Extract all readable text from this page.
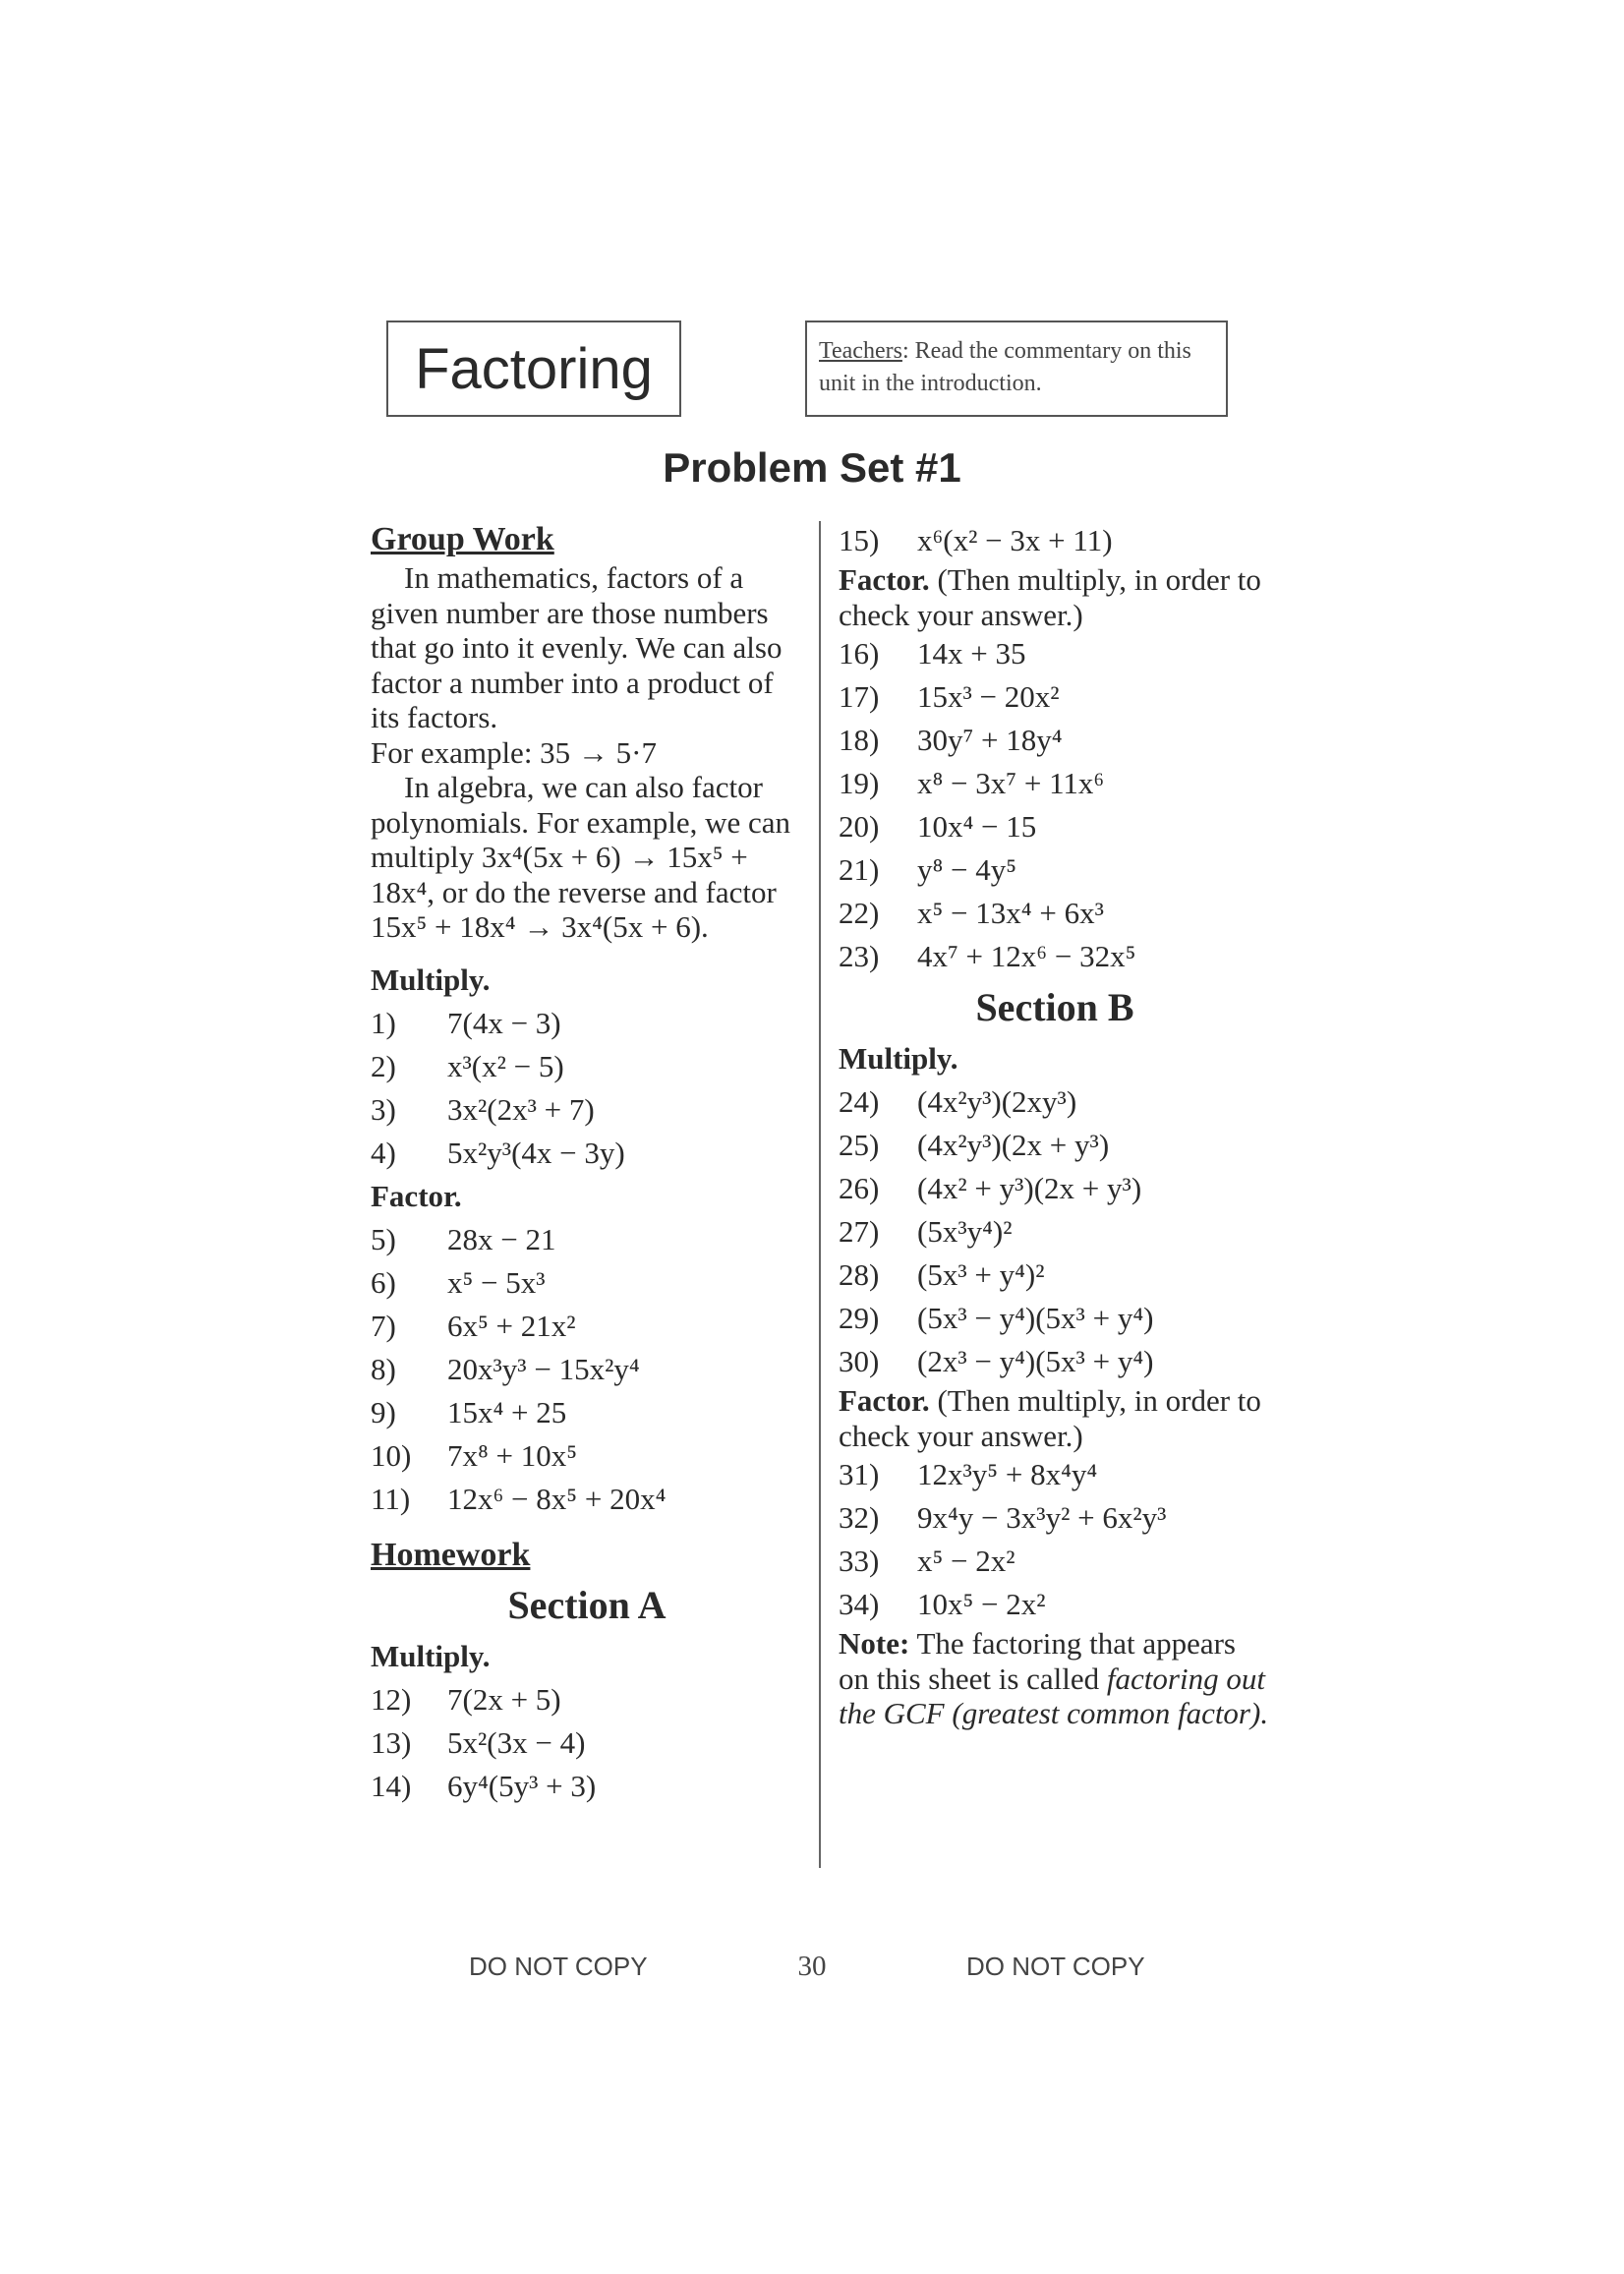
Factoring	Teachers: Read the commentary on this unit in the introduction.
Problem Set #1
Group Work

In mathematics, factors of a given number are those numbers that go into it evenly. We can also factor a number into a product of its factors.

For example: 35 → 5·7

In algebra, we can also factor polynomials. For example, we can multiply 3x⁴(5x + 6) → 15x⁵ + 18x⁴, or do the reverse and factor 15x⁵ + 18x⁴ → 3x⁴(5x + 6).

Multiply.
1)	7(4x − 3)
2)	x³(x² − 5)
3)	3x²(2x³ + 7)
4)	5x²y³(4x − 3y)
Factor.
5)	28x − 21
6)	x⁵ − 5x³
7)	6x⁵ + 21x²
8)	20x³y³ − 15x²y⁴
9)	15x⁴ + 25
10)	7x⁸ + 10x⁵
11)	12x⁶ − 8x⁵ + 20x⁴
Homework
Section A
Multiply.
12)	7(2x + 5)
13)	5x²(3x − 4)
14)	6y⁴(5y³ + 3)
15)	x⁶(x² − 3x + 11)
Factor. (Then multiply, in order to check your answer.)
16)	14x + 35
17)	15x³ − 20x²
18)	30y⁷ + 18y⁴
19)	x⁸ − 3x⁷ + 11x⁶
20)	10x⁴ − 15
21)	y⁸ − 4y⁵
22)	x⁵ − 13x⁴ + 6x³
23)	4x⁷ + 12x⁶ − 32x⁵
Section B
Multiply.
24)	(4x²y³)(2xy³)
25)	(4x²y³)(2x + y³)
26)	(4x² + y³)(2x + y³)
27)	(5x³y⁴)²
28)	(5x³ + y⁴)²
29)	(5x³ − y⁴)(5x³ + y⁴)
30)	(2x³ − y⁴)(5x³ + y⁴)
Factor. (Then multiply, in order to check your answer.)
31)	12x³y⁵ + 8x⁴y⁴
32)	9x⁴y − 3x³y² + 6x²y³
33)	x⁵ − 2x²
34)	10x⁵ − 2x²
Note: The factoring that appears on this sheet is called factoring out the GCF (greatest common factor).
DO NOT COPY	30	DO NOT COPY
